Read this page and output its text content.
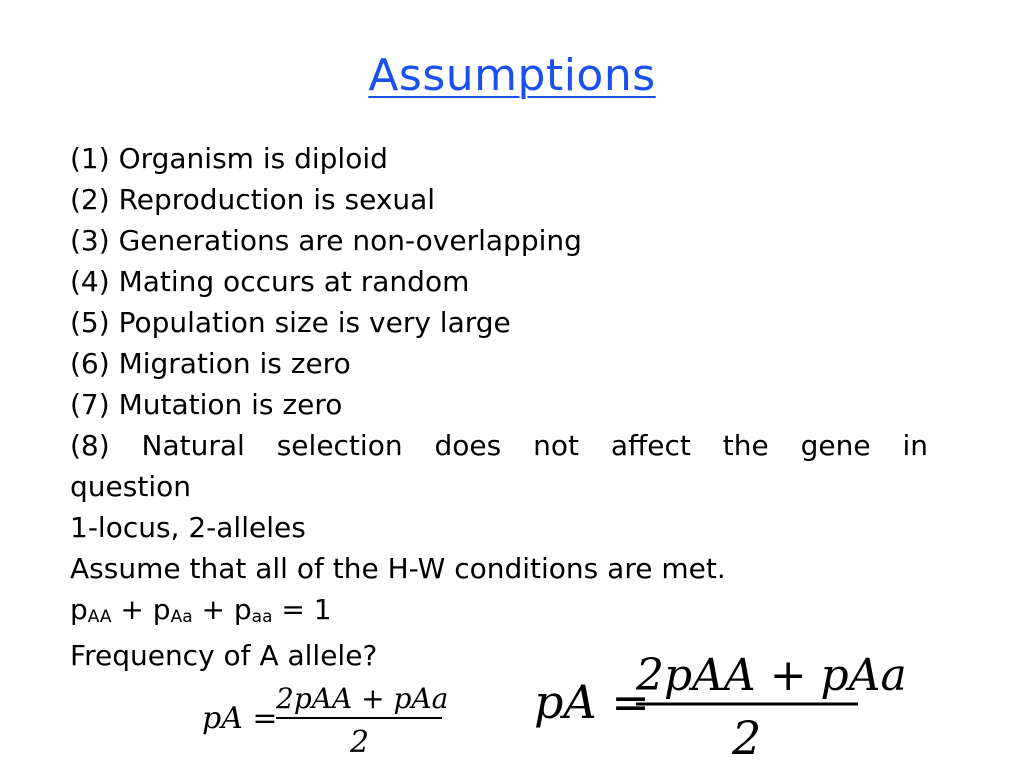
Assumptions
(1) Organism is diploid
(2) Reproduction is sexual
(3) Generations are non-overlapping
(4) Mating occurs at random
(5) Population size is very large
(6) Migration is zero
(7) Mutation is zero
(8) Natural selection does not affect the gene in
question
1-locus, 2-alleles
Assume that all of the H-W conditions are met.
$p_{AA} + p_{Aa} + p_{aa} = 1$
Frequency of A allele?
pA =
2pAA + pAa
2
pA =
2pAA + pAa
2
